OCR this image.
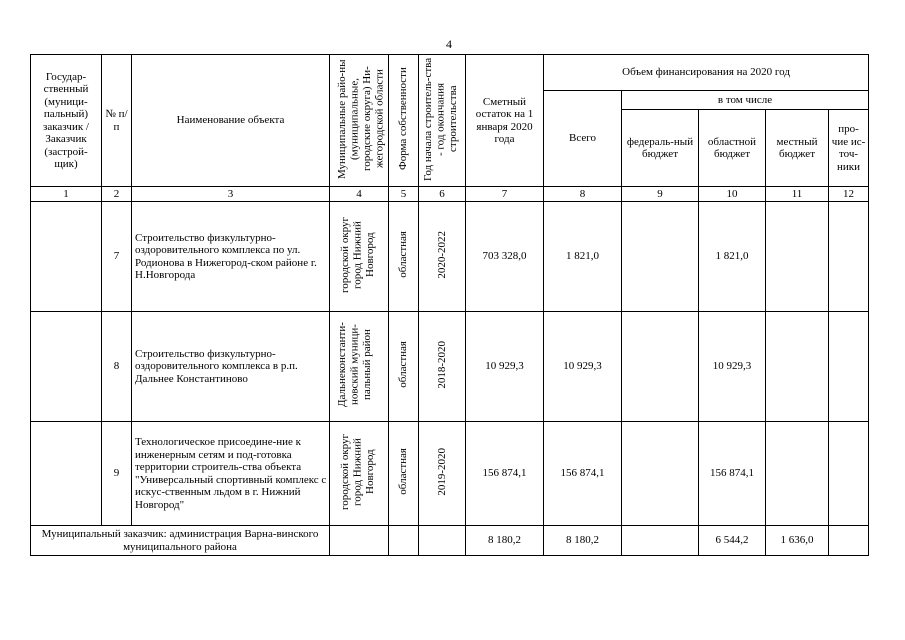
4
Государ-ственный (муници-пальный) заказчик / Заказчик (застрой-щик)	№ п/п	Наименование объекта	Муниципальные райо-ны (муниципальные, городские округа) Ни-жегородской области	Форма собственности	Год начала строитель-ства - год окончания строительства	Сметный остаток на 1 января 2020 года	Объем финансирования на 2020 год				
							Всего	в том числе			
								федераль-ный бюджет	областной бюджет	местный бюджет	про-чие ис-точ-ники
1	2	3	4	5	6	7	8	9	10	11	12
	7	Строительство физкультурно-оздоровительного комплекса по ул. Родионова в Нижегород-ском районе г. Н.Новгорода	городской округ город Нижний Новгород	областная	2020-2022	703 328,0	1 821,0		1 821,0		
	8	Строительство физкультурно-оздоровительного комплекса в р.п. Дальнее Константиново	Дальнеконстанти-новский муници-пальный район	областная	2018-2020	10 929,3	10 929,3		10 929,3		
	9	Технологическое присоедине-ние к инженерным сетям и под-готовка территории строитель-ства объекта "Универсальный спортивный комплекс с искус-ственным льдом в г. Нижний Новгород"	городской округ город Нижний Новгород	областная	2019-2020	156 874,1	156 874,1		156 874,1		
Муниципальный заказчик: администрация Варна-винского муниципального района						8 180,2	8 180,2		6 544,2	1 636,0	
